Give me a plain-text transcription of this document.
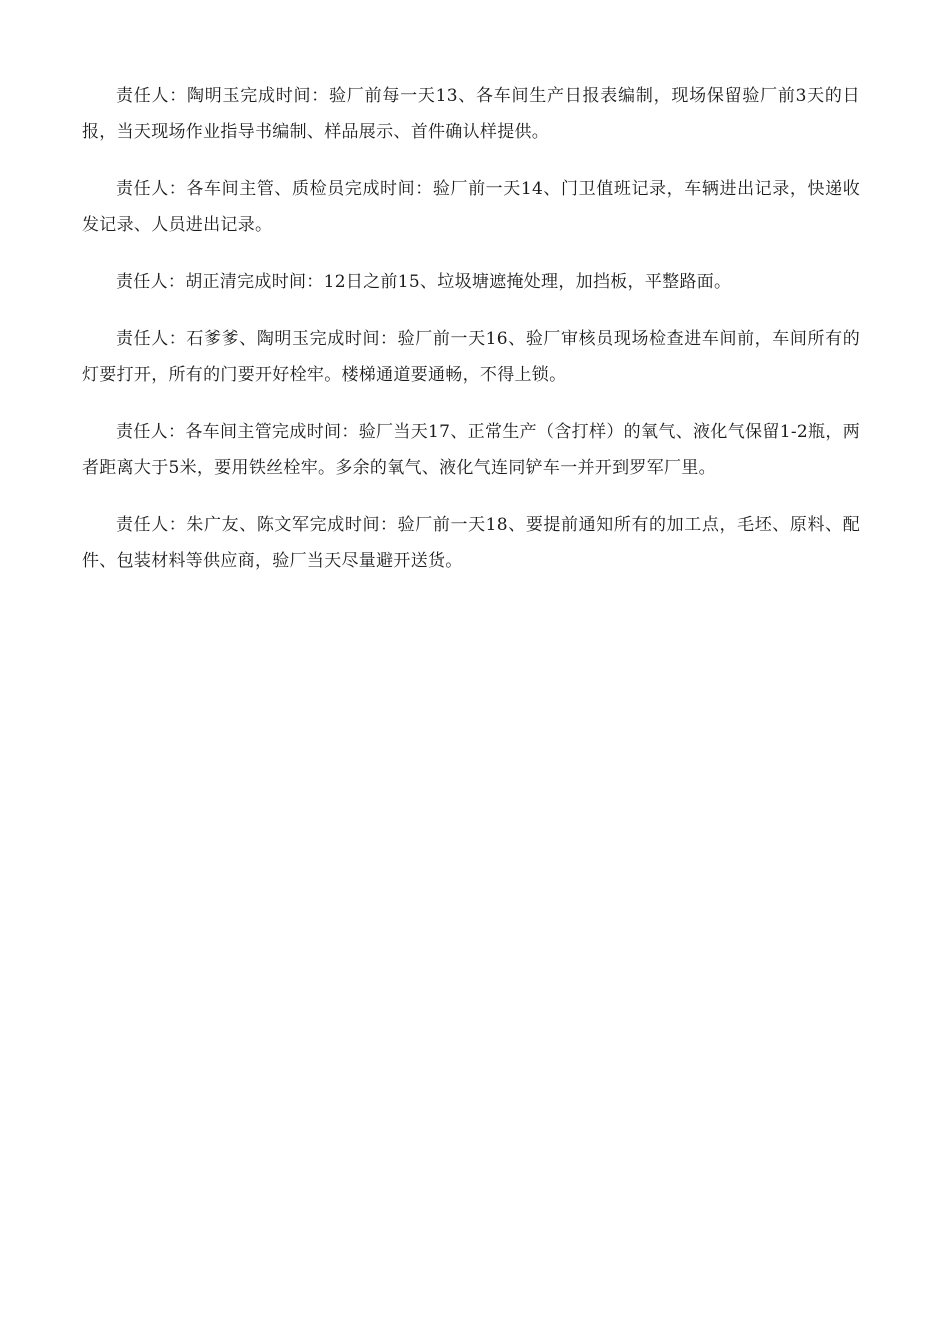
责任人：陶明玉完成时间：验厂前每一天13、各车间生产日报表编制，现场保留验厂前3天的日报，当天现场作业指导书编制、样品展示、首件确认样提供。

责任人：各车间主管、质检员完成时间：验厂前一天14、门卫值班记录，车辆进出记录，快递收发记录、人员进出记录。

责任人：胡正清完成时间：12日之前15、垃圾塘遮掩处理，加挡板，平整路面。

责任人：石爹爹、陶明玉完成时间：验厂前一天16、验厂审核员现场检查进车间前，车间所有的灯要打开，所有的门要开好栓牢。楼梯通道要通畅，不得上锁。

责任人：各车间主管完成时间：验厂当天17、正常生产（含打样）的氧气、液化气保留1-2瓶，两者距离大于5米，要用铁丝栓牢。多余的氧气、液化气连同铲车一并开到罗军厂里。

责任人：朱广友、陈文军完成时间：验厂前一天18、要提前通知所有的加工点，毛坯、原料、配件、包装材料等供应商，验厂当天尽量避开送货。
